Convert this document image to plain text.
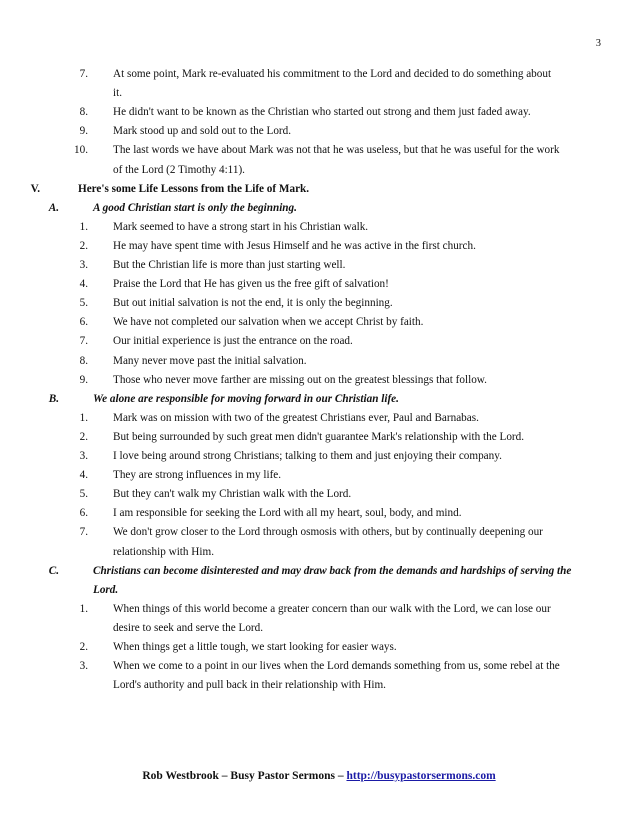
3
7. At some point, Mark re-evaluated his commitment to the Lord and decided to do something about
it.
8. He didn't want to be known as the Christian who started out strong and them just faded away.
9. Mark stood up and sold out to the Lord.
10. The last words we have about Mark was not that he was useless, but that he was useful for the work
of the Lord (2 Timothy 4:11).
V.	Here's some Life Lessons from the Life of Mark.
A.	A good Christian start is only the beginning.
1. Mark seemed to have a strong start in his Christian walk.
2. He may have spent time with Jesus Himself and he was active in the first church.
3. But the Christian life is more than just starting well.
4. Praise the Lord that He has given us the free gift of salvation!
5. But out initial salvation is not the end, it is only the beginning.
6. We have not completed our salvation when we accept Christ by faith.
7. Our initial experience is just the entrance on the road.
8. Many never move past the initial salvation.
9. Those who never move farther are missing out on the greatest blessings that follow.
B.	We alone are responsible for moving forward in our Christian life.
1. Mark was on mission with two of the greatest Christians ever, Paul and Barnabas.
2. But being surrounded by such great men didn't guarantee Mark's relationship with the Lord.
3. I love being around strong Christians; talking to them and just enjoying their company.
4. They are strong influences in my life.
5. But they can't walk my Christian walk with the Lord.
6. I am responsible for seeking the Lord with all my heart, soul, body, and mind.
7. We don't grow closer to the Lord through osmosis with others, but by continually deepening our
relationship with Him.
C.	Christians can become disinterested and may draw back from the demands and hardships of serving the
Lord.
1. When things of this world become a greater concern than our walk with the Lord, we can lose our
desire to seek and serve the Lord.
2. When things get a little tough, we start looking for easier ways.
3. When we come to a point in our lives when the Lord demands something from us, some rebel at the
Lord's authority and pull back in their relationship with Him.
Rob Westbrook – Busy Pastor Sermons – http://busypastorsermons.com
